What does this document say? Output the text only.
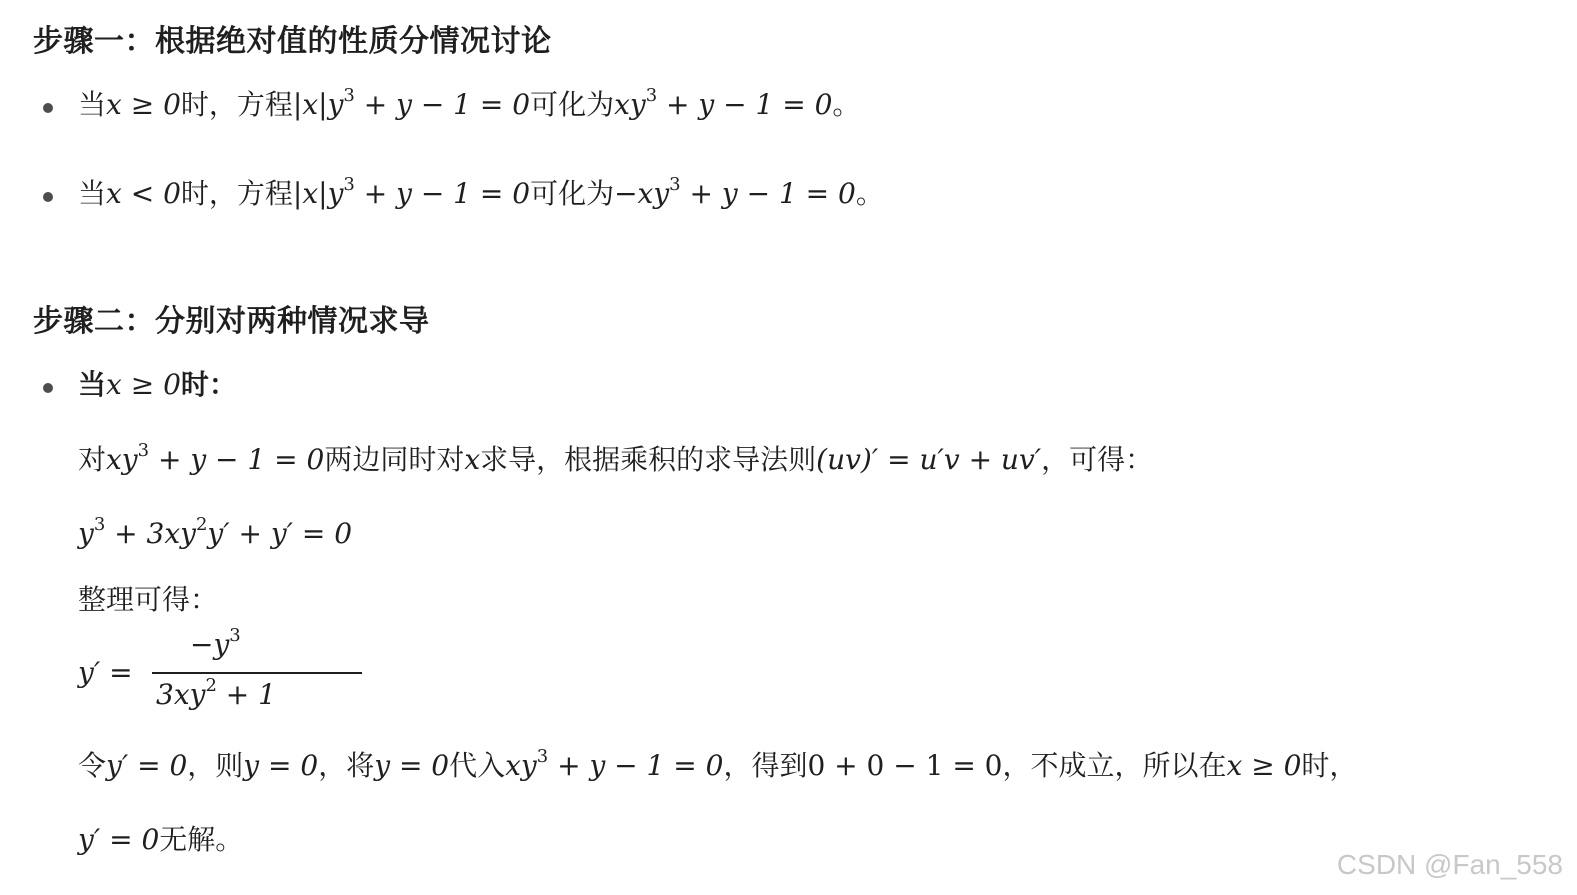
步骤一：根据绝对值的性质分情况讨论
当x ≥ 0时，方程$|x|y^3 + y - 1 = 0$可化为$xy^3 + y - 1 = 0$。
当x < 0时，方程$|x|y^3 + y - 1 = 0$可化为$-xy^3 + y - 1 = 0$。
步骤二：分别对两种情况求导
当x ≥ 0时：
对$xy^3 + y - 1 = 0$两边同时对x求导，根据乘积的求导法则(uv)′ = u′v + uv′，可得：
$y^3 + 3xy^2y' + y' = 0$
整理可得：
y′ =
$-y^3$
$3xy^2 + 1$
令y′ = 0，则y = 0，将y = 0代入$xy^3 + y - 1 = 0$，得到0 + 0 − 1 = 0，不成立，所以在x ≥ 0时，
y′ = 0无解。
CSDN @Fan_558
